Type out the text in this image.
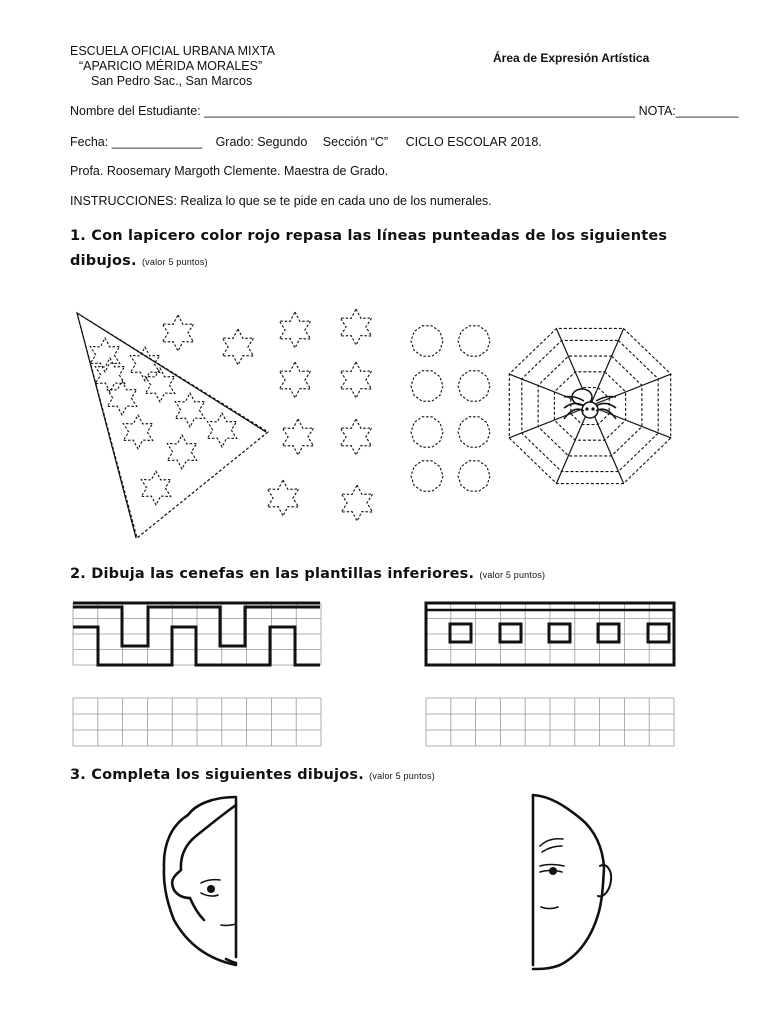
ESCUELA OFICIAL URBANA MIXTA
“APARICIO MÉRIDA MORALES”
San Pedro Sac., San Marcos
Área de Expresión Artística
Nombre del Estudiante: ______________________________________________________________ NOTA:_________
Fecha: _____________ Grado: Segundo Sección “C” CICLO ESCOLAR 2018.
Profa. Roosemary Margoth Clemente. Maestra de Grado.
INSTRUCCIONES: Realiza lo que se te pide en cada uno de los numerales.
1. Con lapicero color rojo repasa las líneas punteadas de los siguientes
dibujos. (valor 5 puntos)
2. Dibuja las cenefas en las plantillas inferiores. (valor 5 puntos)
3. Completa los siguientes dibujos. (valor 5 puntos)
